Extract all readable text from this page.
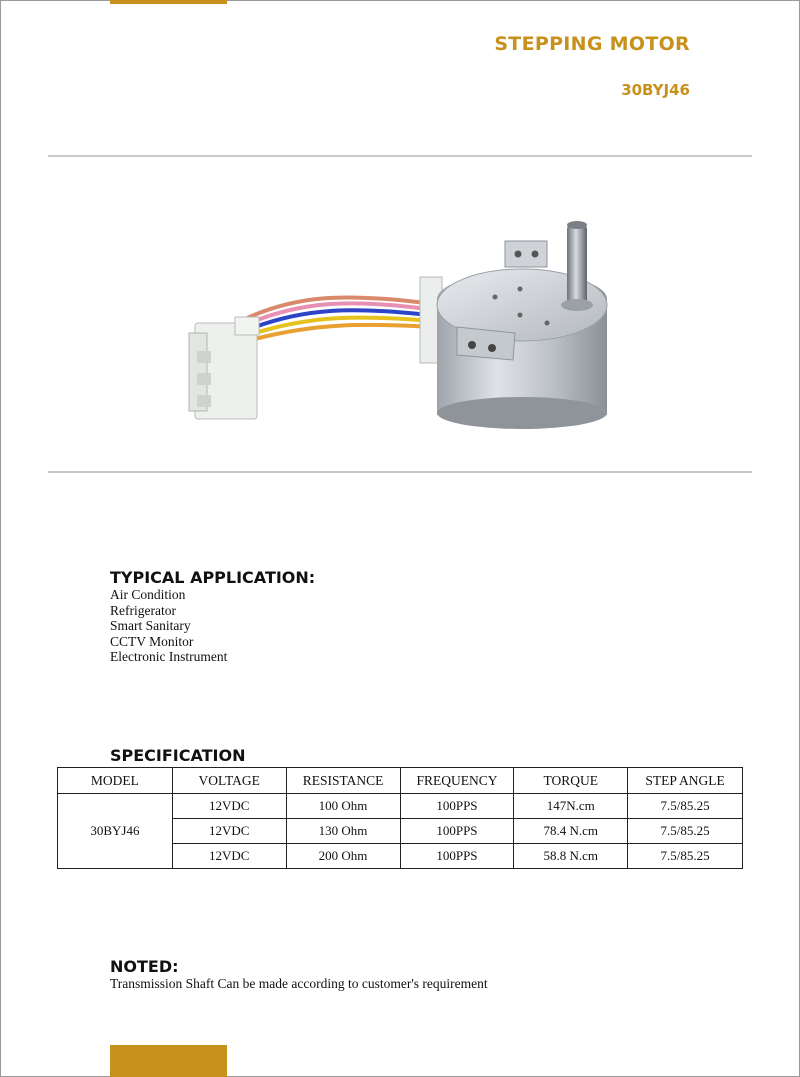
STEPPING MOTOR
30BYJ46
TYPICAL APPLICATION:
Air Condition
Refrigerator
Smart Sanitary
CCTV Monitor
Electronic Instrument
SPECIFICATION
MODEL	VOLTAGE	RESISTANCE	FREQUENCY	TORQUE	STEP ANGLE
30BYJ46	12VDC	100 Ohm	100PPS	147N.cm	7.5/85.25
	12VDC	130 Ohm	100PPS	78.4 N.cm	7.5/85.25
	12VDC	200 Ohm	100PPS	58.8 N.cm	7.5/85.25
NOTED:
Transmission Shaft Can be made according to customer's requirement
